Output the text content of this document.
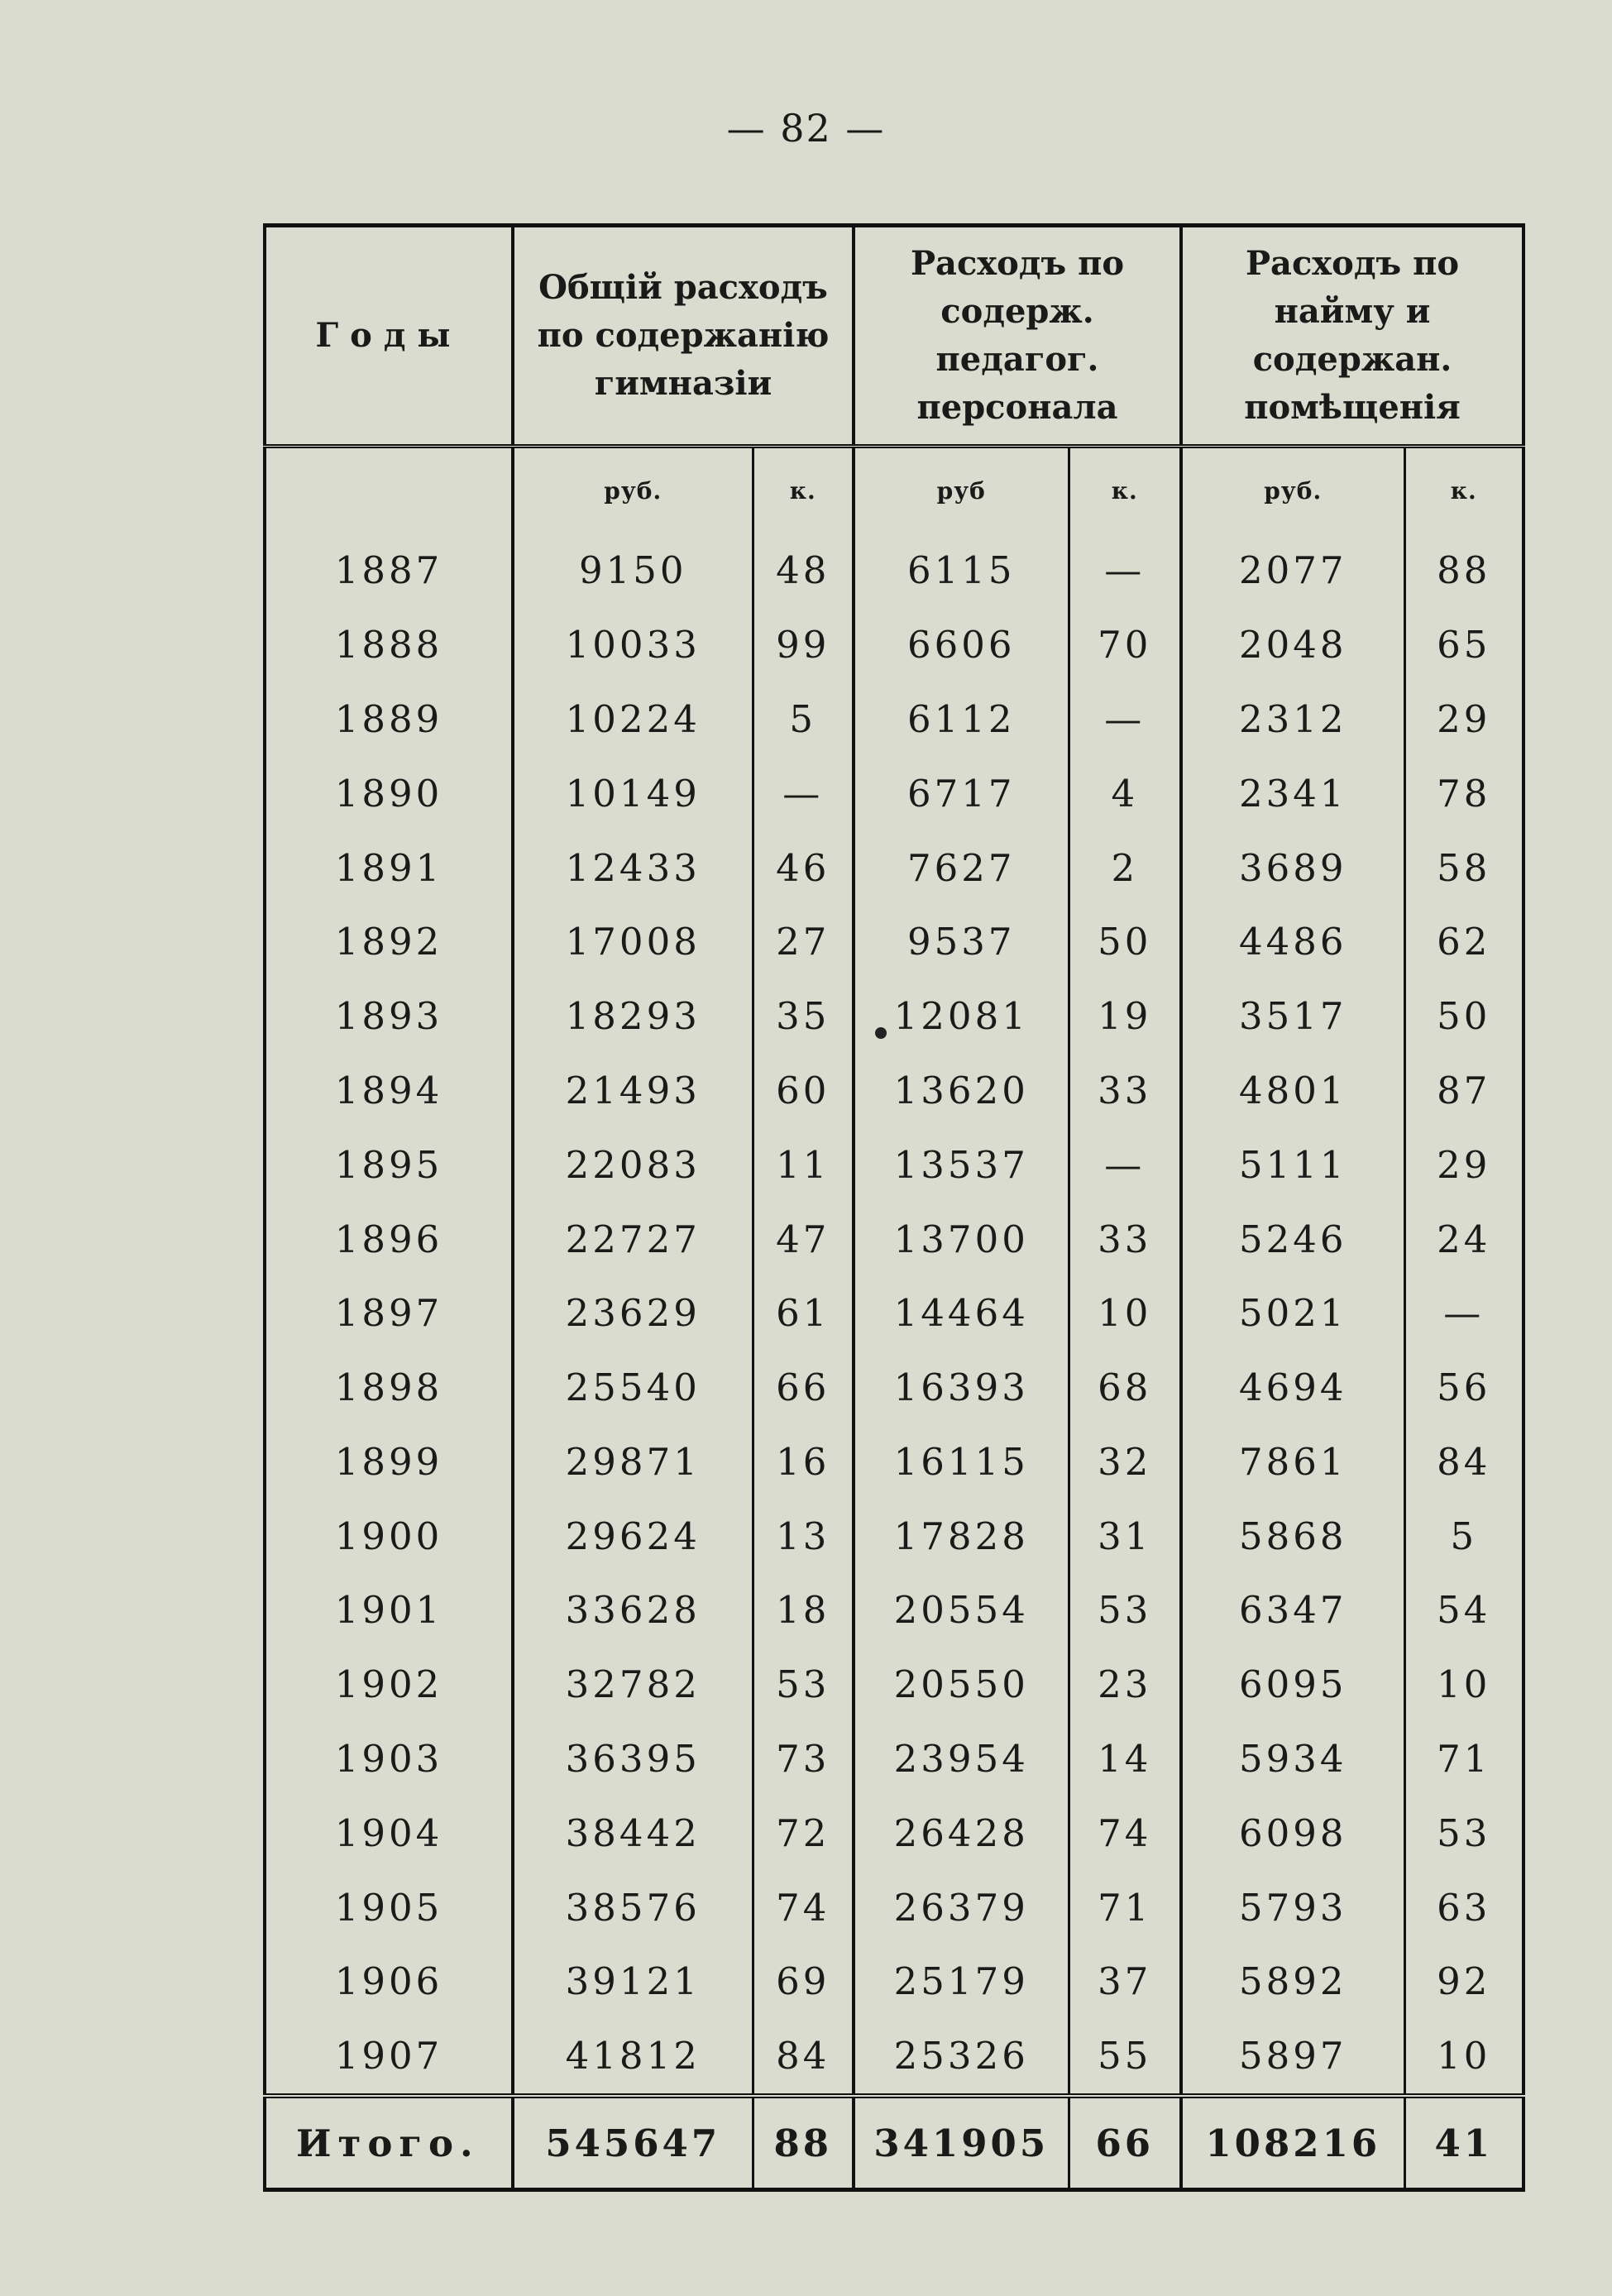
— 82 —
Годы	Общій расходъ по содержанію гимназіи		Расходъ по содерж. педагог. персонала		Расходъ по найму и содержан. помѣщенія	
	руб.	к.	руб	к.	руб.	к.
1887	9150	48	6115	—	2077	88
1888	10033	99	6606	70	2048	65
1889	10224	5	6112	—	2312	29
1890	10149	—	6717	4	2341	78
1891	12433	46	7627	2	3689	58
1892	17008	27	9537	50	4486	62
1893	18293	35	12081	19	3517	50
1894	21493	60	13620	33	4801	87
1895	22083	11	13537	—	5111	29
1896	22727	47	13700	33	5246	24
1897	23629	61	14464	10	5021	—
1898	25540	66	16393	68	4694	56
1899	29871	16	16115	32	7861	84
1900	29624	13	17828	31	5868	5
1901	33628	18	20554	53	6347	54
1902	32782	53	20550	23	6095	10
1903	36395	73	23954	14	5934	71
1904	38442	72	26428	74	6098	53
1905	38576	74	26379	71	5793	63
1906	39121	69	25179	37	5892	92
1907	41812	84	25326	55	5897	10
Итого.	545647	88	341905	66	108216	41
